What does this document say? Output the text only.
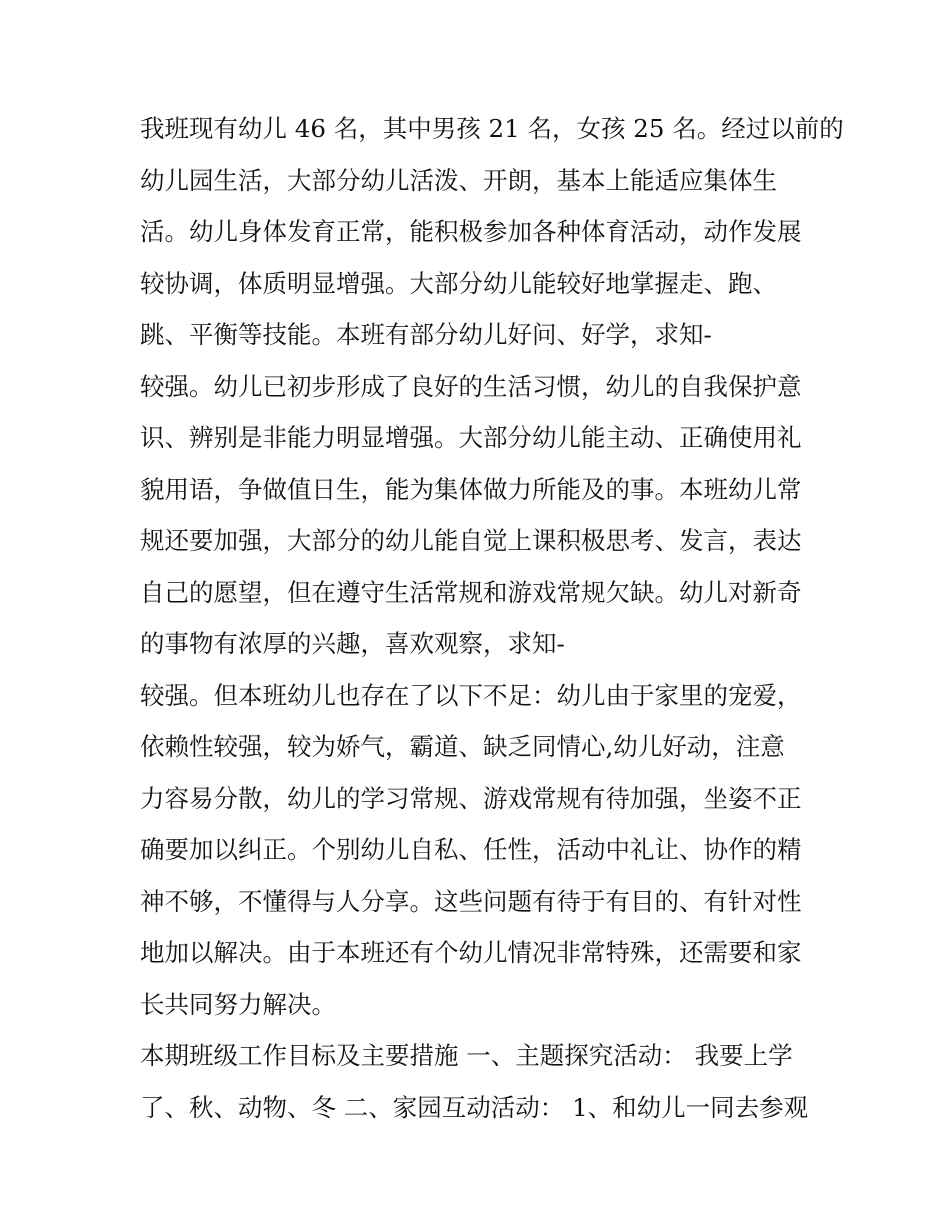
我班现有幼儿 46 名，其中男孩 21 名，女孩 25 名。经过以前的
幼儿园生活，大部分幼儿活泼、开朗，基本上能适应集体生
活。幼儿身体发育正常，能积极参加各种体育活动，动作发展
较协调，体质明显增强。大部分幼儿能较好地掌握走、跑、
跳、平衡等技能。本班有部分幼儿好问、好学，求知-
较强。幼儿已初步形成了良好的生活习惯，幼儿的自我保护意
识、辨别是非能力明显增强。大部分幼儿能主动、正确使用礼
貌用语，争做值日生，能为集体做力所能及的事。本班幼儿常
规还要加强，大部分的幼儿能自觉上课积极思考、发言，表达
自己的愿望，但在遵守生活常规和游戏常规欠缺。幼儿对新奇
的事物有浓厚的兴趣，喜欢观察，求知-
较强。但本班幼儿也存在了以下不足：幼儿由于家里的宠爱，
依赖性较强，较为娇气，霸道、缺乏同情心,幼儿好动，注意
力容易分散，幼儿的学习常规、游戏常规有待加强，坐姿不正
确要加以纠正。个别幼儿自私、任性，活动中礼让、协作的精
神不够，不懂得与人分享。这些问题有待于有目的、有针对性
地加以解决。由于本班还有个幼儿情况非常特殊，还需要和家
长共同努力解决。
本期班级工作目标及主要措施 一、主题探究活动： 我要上学
了、秋、动物、冬 二、家园互动活动： 1、和幼儿一同去参观
